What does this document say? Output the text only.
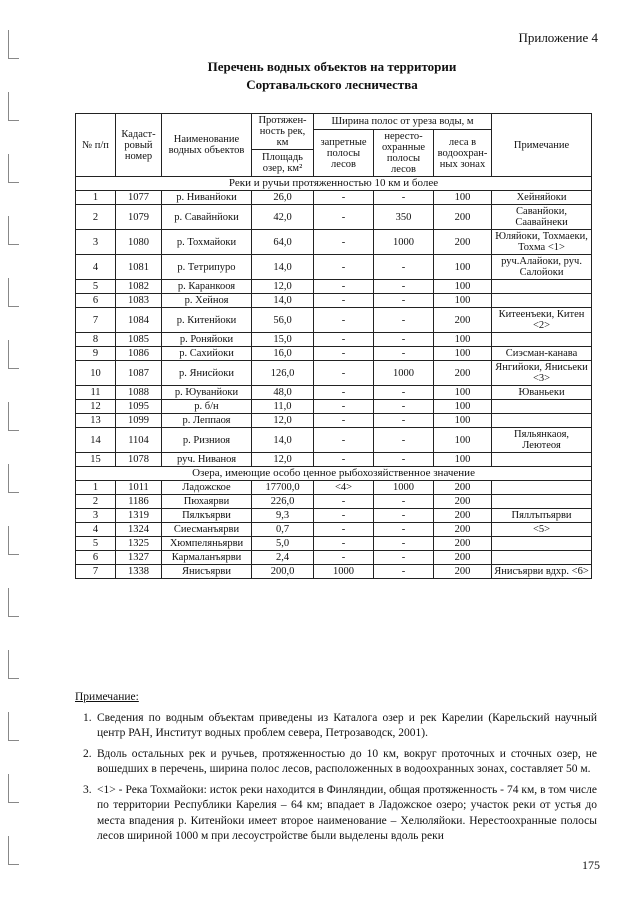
Приложение 4
Перечень водных объектов на территории
Сортавальского лесничества
№ п/п	Кадаст-ровый номер	Наименование водных объектов	Протяжен-ность рек, км	Ширина полос от уреза воды, м			Примечание
				запретные полосы лесов	нересто-охранные полосы лесов	леса в водоохран-ных зонах	
			Площадь озер, км²				
Реки и ручьи протяженностью 10 км и более							
1	1077	р. Ниванйоки	26,0	-	-	100	Хейняйоки
2	1079	р. Савайнйоки	42,0	-	350	200	Саванйоки, Саавайнеки
3	1080	р. Тохмайоки	64,0	-	1000	200	Юляйоки, Тохмаеки, Тохма <1>
4	1081	р. Тетрипуро	14,0	-	-	100	руч.Алайоки, руч. Салойоки
5	1082	р. Каранкооя	12,0	-	-	100	
6	1083	р. Хейноя	14,0	-	-	100	
7	1084	р. Китенйоки	56,0	-	-	200	Китеенъеки, Китен <2>
8	1085	р. Роняйоки	15,0	-	-	100	
9	1086	р. Сахийоки	16,0	-	-	100	Сиэсман-канава
10	1087	р. Янисйоки	126,0	-	1000	200	Янгийоки, Янисьеки <3>
11	1088	р. Юуванйоки	48,0	-	-	100	Юваньеки
12	1095	р. б/н	11,0	-	-	100	
13	1099	р. Леппаоя	12,0	-	-	100	
14	1104	р. Ризниоя	14,0	-	-	100	Пяльянкаоя, Леютеоя
15	1078	руч. Ниваноя	12,0	-	-	100	
Озера, имеющие особо ценное рыбохозяйственное значение							
1	1011	Ладожское	17700,0	<4>	1000	200	
2	1186	Пюхаярви	226,0	-	-	200	
3	1319	Пялкъярви	9,3	-	-	200	Пяллъпъярви
4	1324	Сиесманъярви	0,7	-	-	200	<5>
5	1325	Хюмпеляньярви	5,0	-	-	200	
6	1327	Кармаланъярви	2,4	-	-	200	
7	1338	Янисъярви	200,0	1000	-	200	Янисъярви вдхр. <6>
Примечание:
1. Сведения по водным объектам приведены из Каталога озер и рек Карелии (Карельский научный центр РАН, Институт водных проблем севера, Петрозаводск, 2001).
2. Вдоль остальных рек и ручьев, протяженностью до 10 км, вокруг проточных и сточных озер, не вошедших в перечень, ширина полос лесов, расположенных в водоохранных зонах, составляет 50 м.
3. <1> - Река Тохмайоки: исток реки находится в Финляндии, общая протяженность - 74 км, в том числе по территории Республики Карелия – 64 км; впадает в Ладожское озеро; участок реки от устья до места впадения р. Китенйоки имеет второе наименование – Хелюляйоки. Нерестоохранные полосы лесов шириной 1000 м при лесоустройстве были выделены вдоль реки
175
